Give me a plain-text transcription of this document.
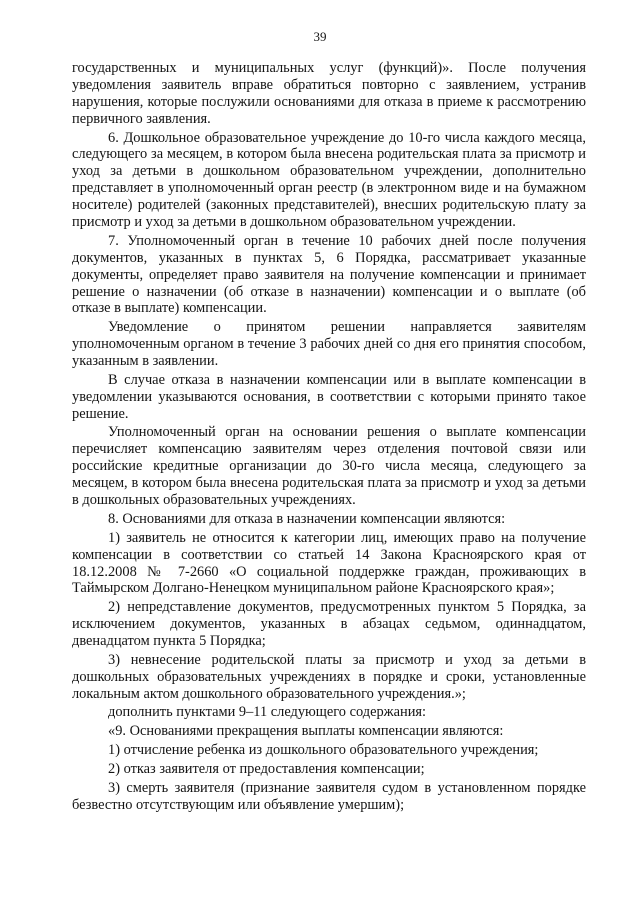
39

государственных и муниципальных услуг (функций)». После получения уведомления заявитель вправе обратиться повторно с заявлением, устранив нарушения, которые послужили основаниями для отказа в приеме к рассмотрению первичного заявления.

6. Дошкольное образовательное учреждение до 10-го числа каждого месяца, следующего за месяцем, в котором была внесена родительская плата за присмотр и уход за детьми в дошкольном образовательном учреждении, дополнительно представляет в уполномоченный орган реестр (в электронном виде и на бумажном носителе) родителей (законных представителей), внесших родительскую плату за присмотр и уход за детьми в дошкольном образовательном учреждении.

7. Уполномоченный орган в течение 10 рабочих дней после получения документов, указанных в пунктах 5, 6 Порядка, рассматривает указанные документы, определяет право заявителя на получение компенсации и принимает решение о назначении (об отказе в назначении) компенсации и о выплате (об отказе в выплате) компенсации.

Уведомление о принятом решении направляется заявителям уполномоченным органом в течение 3 рабочих дней со дня его принятия способом, указанным в заявлении.

В случае отказа в назначении компенсации или в выплате компенсации в уведомлении указываются основания, в соответствии с которыми принято такое решение.

Уполномоченный орган на основании решения о выплате компенсации перечисляет компенсацию заявителям через отделения почтовой связи или российские кредитные организации до 30-го числа месяца, следующего за месяцем, в котором была внесена родительская плата за присмотр и уход за детьми в дошкольных образовательных учреждениях.

8. Основаниями для отказа в назначении компенсации являются:

1) заявитель не относится к категории лиц, имеющих право на получение компенсации в соответствии со статьей 14 Закона Красноярского края от 18.12.2008 № 7-2660 «О социальной поддержке граждан, проживающих в Таймырском Долгано-Ненецком муниципальном районе Красноярского края»;

2) непредставление документов, предусмотренных пунктом 5 Порядка, за исключением документов, указанных в абзацах седьмом, одиннадцатом, двенадцатом пункта 5 Порядка;

3) невнесение родительской платы за присмотр и уход за детьми в дошкольных образовательных учреждениях в порядке и сроки, установленные локальным актом дошкольного образовательного учреждения.»;

дополнить пунктами 9–11 следующего содержания:

«9. Основаниями прекращения выплаты компенсации являются:

1) отчисление ребенка из дошкольного образовательного учреждения;

2) отказ заявителя от предоставления компенсации;

3) смерть заявителя (признание заявителя судом в установленном порядке безвестно отсутствующим или объявление умершим);
